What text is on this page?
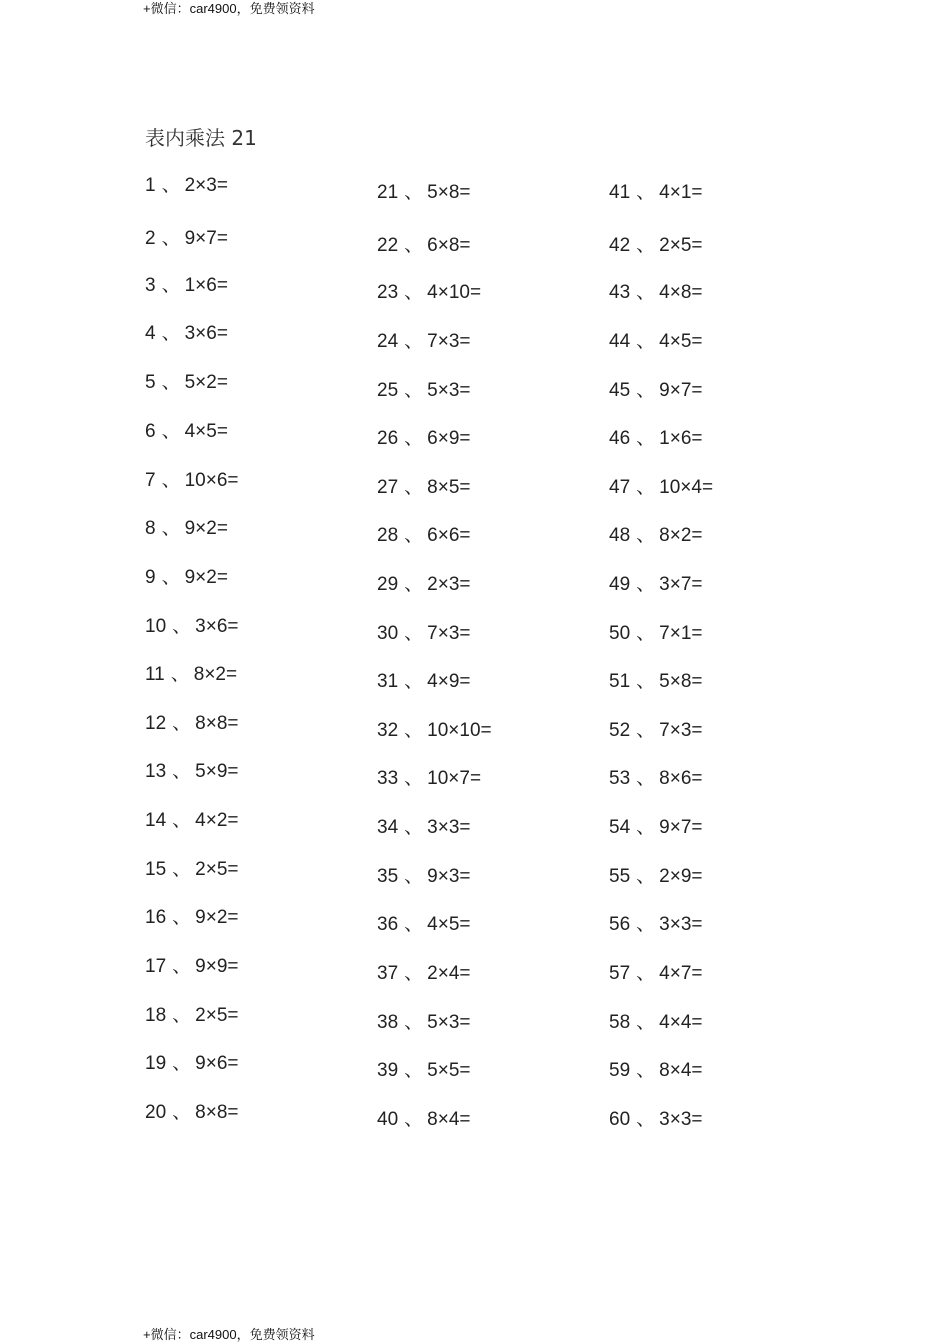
+微信：car4900，免费领资料
表内乘法 21
1 、 2×3=
2 、 9×7=
3 、 1×6=
4 、 3×6=
5 、 5×2=
6 、 4×5=
7 、 10×6=
8 、 9×2=
9 、 9×2=
10 、 3×6=
11 、 8×2=
12 、 8×8=
13 、 5×9=
14 、 4×2=
15 、 2×5=
16 、 9×2=
17 、 9×9=
18 、 2×5=
19 、 9×6=
20 、 8×8=
21 、 5×8=
22 、 6×8=
23 、 4×10=
24 、 7×3=
25 、 5×3=
26 、 6×9=
27 、 8×5=
28 、 6×6=
29 、 2×3=
30 、 7×3=
31 、 4×9=
32 、 10×10=
33 、 10×7=
34 、 3×3=
35 、 9×3=
36 、 4×5=
37 、 2×4=
38 、 5×3=
39 、 5×5=
40 、 8×4=
41 、 4×1=
42 、 2×5=
43 、 4×8=
44 、 4×5=
45 、 9×7=
46 、 1×6=
47 、 10×4=
48 、 8×2=
49 、 3×7=
50 、 7×1=
51 、 5×8=
52 、 7×3=
53 、 8×6=
54 、 9×7=
55 、 2×9=
56 、 3×3=
57 、 4×7=
58 、 4×4=
59 、 8×4=
60 、 3×3=
+微信：car4900，免费领资料
